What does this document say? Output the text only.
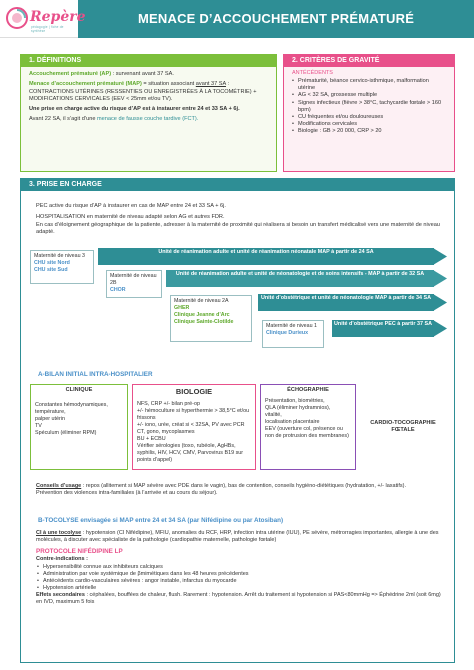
Repère
pédagogie | fiche de synthèse
MENACE D’ACCOUCHEMENT PRÉMATURÉ
1. DÉFINITIONS

Accouchement prématuré (AP) : survenant avant 37 SA.

Menace d’accouchement prématuré (MAP) = situation associant avant 37 SA : CONTRACTIONS UTÉRINES (RESSENTIES OU ENREGISTRÉES À LA TOCOMÉTRIE) + MODIFICATIONS CERVICALES (EEV < 25mm et/ou TV).

Une prise en charge active du risque d’AP est à instaurer entre 24 et 33 SA + 6j.

Avant 22 SA, il s’agit d’une menace de fausse couche tardive (FCT).

2. CRITÈRES DE GRAVITÉ
ANTÉCÉDENTS
• Prématurité, béance cervico-isthmique, malformation utérine
• AG < 32 SA, grossesse multiple
• Signes infectieux (fièvre > 38°C, tachycardie fœtale > 160 bpm)
• CU fréquentes et/ou douloureuses
• Modifications cervicales
• Biologie : GB > 20 000, CRP > 20
3. PRISE EN CHARGE
PEC active du risque d’AP à instaurer en cas de MAP entre 24 et 33 SA + 6j.
HOSPITALISATION en maternité de niveau adapté selon AG et autres FDR.
En cas d’éloignement géographique de la patiente, adresser à la maternité de proximité qui réalisera si besoin un transfert médicalisé vers une maternité de niveau adapté.
Maternité de niveau 3
CHU site Nord
CHU site Sud
Unité de réanimation adulte et unité de réanimation néonatale MAP à partir de 24 SA
Maternité de niveau 2B
CHOR
Unité de réanimation adulte et unité de néonatologie et de soins intensifs - MAP à partir de 32 SA
Maternité de niveau 2A
GHER
Clinique Jeanne d’Arc
Clinique Sainte-Clotilde
Unité d’obstétrique et unité de néonatologie MAP à partir de 34 SA
Maternité de niveau 1
Clinique Durieux
Unité d’obstétrique PEC à partir 37 SA
A-BILAN INITIAL INTRA-HOSPITALIER
CLINIQUE
Constantes hémodynamiques,
température,
palper utérin
TV
Spéculum (éliminer RPM)
BIOLOGIE
NFS, CRP +/- bilan pré-op
+/- hémoculture si hyperthermie > 38,5°C et/ou frissons
+/- iono, urée, créat si < 32SA, PV avec PCR CT, gono, mycoplasmes
BU + ECBU
Vérifier sérologies (toxo, rubéole, AgHBs, syphilis, HIV, HCV, CMV, Parvovirus B19 sur points d’appel)
ÉCHOGRAPHIE
Présentation, biométries,
QLA (éliminer hydramnios),
vitalité,
localisation placentaire
EEV (ouverture col, présence ou non de protrusion des membranes)
CARDIO-TOCOGRAPHIE FŒTALE
Conseils d’usage : repos (allitement si MAP sévère avec PDE dans le vagin), bas de contention, conseils hygiéno-diététiques (hydratation, +/- laxatifs).
Prévention des violences intra-familiales (à l’arrivée et au cours du séjour).
B-TOCOLYSE envisagée si MAP entre 24 et 34 SA (par Nifédipine ou par Atosiban)
CI à une tocolyse : hypotension (CI Nifédipine), MFIU, anomalies du RCF, HRP, infection intra utérine (IUU), PE sévère, métrorragies importantes, allergie à une des molécules, à discuter avec spécialiste de la pathologie (cardiopathie maternelle, pathologie fœtale)
PROTOCOLE NIFÉDIPINE LP
Contre-indications :
• Hypersensibilité connue aux inhibiteurs calciques
• Administration par voie systémique de βmimétiques dans les 48 heures précédentes
• Antécédents cardio-vasculaires sévères : angor instable, infarctus du myocarde
• Hypotension artérielle
Effets secondaires : céphalées, bouffées de chaleur, flush. Rarement : hypotension. Arrêt du traitement si hypotension si PAS<80mmHg => Éphédrine 2ml (soit 6mg) en IVD, maximum 5 fois
